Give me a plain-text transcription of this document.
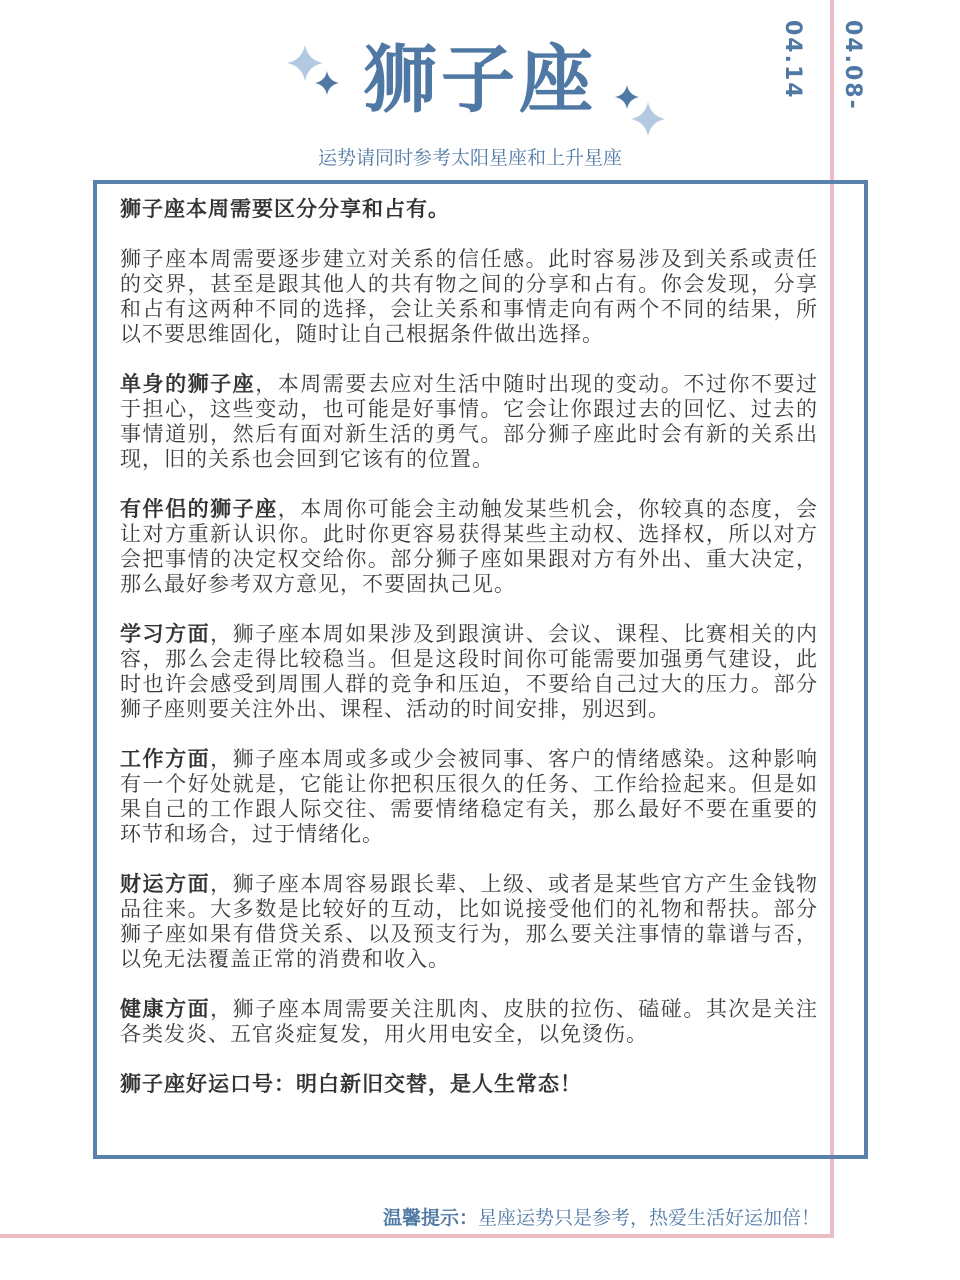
04.08-04.14
狮子座
运势请同时参考太阳星座和上升星座

狮子座本周需要区分分享和占有。

狮子座本周需要逐步建立对关系的信任感。此时容易涉及到关系或责任的交界，甚至是跟其他人的共有物之间的分享和占有。你会发现，分享和占有这两种不同的选择，会让关系和事情走向有两个不同的结果，所以不要思维固化，随时让自己根据条件做出选择。

单身的狮子座，本周需要去应对生活中随时出现的变动。不过你不要过于担心，这些变动，也可能是好事情。它会让你跟过去的回忆、过去的事情道别，然后有面对新生活的勇气。部分狮子座此时会有新的关系出现，旧的关系也会回到它该有的位置。

有伴侣的狮子座，本周你可能会主动触发某些机会，你较真的态度，会让对方重新认识你。此时你更容易获得某些主动权、选择权，所以对方会把事情的决定权交给你。部分狮子座如果跟对方有外出、重大决定，那么最好参考双方意见，不要固执己见。

学习方面，狮子座本周如果涉及到跟演讲、会议、课程、比赛相关的内容，那么会走得比较稳当。但是这段时间你可能需要加强勇气建设，此时也许会感受到周围人群的竞争和压迫，不要给自己过大的压力。部分狮子座则要关注外出、课程、活动的时间安排，别迟到。

工作方面，狮子座本周或多或少会被同事、客户的情绪感染。这种影响有一个好处就是，它能让你把积压很久的任务、工作给捡起来。但是如果自己的工作跟人际交往、需要情绪稳定有关，那么最好不要在重要的环节和场合，过于情绪化。

财运方面，狮子座本周容易跟长辈、上级、或者是某些官方产生金钱物品往来。大多数是比较好的互动，比如说接受他们的礼物和帮扶。部分狮子座如果有借贷关系、以及预支行为，那么要关注事情的靠谱与否，以免无法覆盖正常的消费和收入。

健康方面，狮子座本周需要关注肌肉、皮肤的拉伤、磕碰。其次是关注各类发炎、五官炎症复发，用火用电安全，以免烫伤。

狮子座好运口号：明白新旧交替，是人生常态！

温馨提示：星座运势只是参考，热爱生活好运加倍！
